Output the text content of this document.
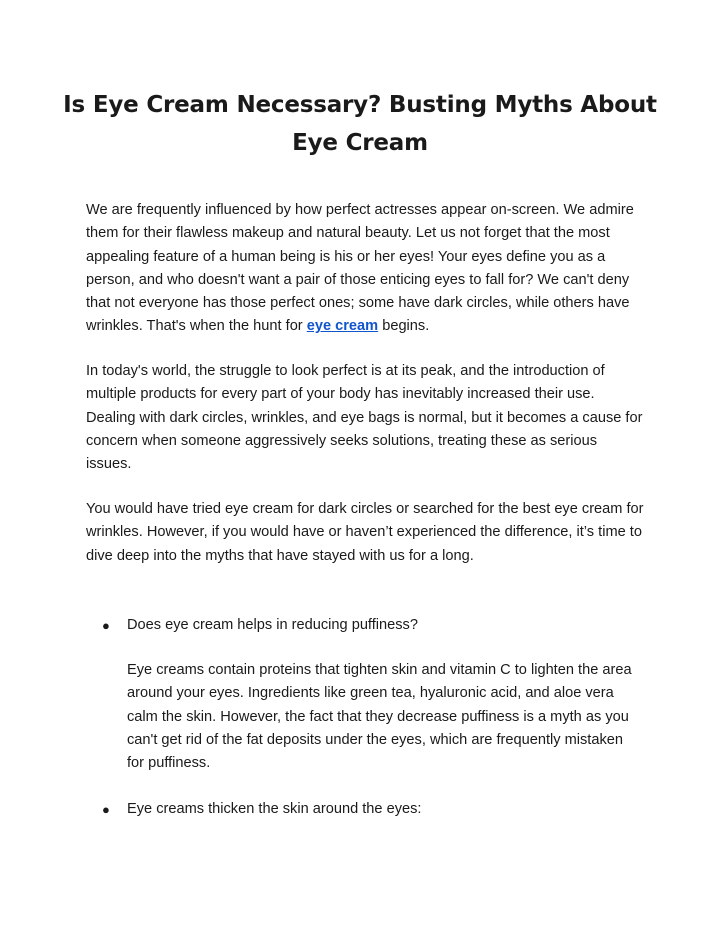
Is Eye Cream Necessary? Busting Myths About Eye Cream

We are frequently influenced by how perfect actresses appear on-screen. We admire them for their flawless makeup and natural beauty. Let us not forget that the most appealing feature of a human being is his or her eyes! Your eyes define you as a person, and who doesn't want a pair of those enticing eyes to fall for? We can't deny that not everyone has those perfect ones; some have dark circles, while others have wrinkles. That's when the hunt for eye cream begins.

In today's world, the struggle to look perfect is at its peak, and the introduction of multiple products for every part of your body has inevitably increased their use. Dealing with dark circles, wrinkles, and eye bags is normal, but it becomes a cause for concern when someone aggressively seeks solutions, treating these as serious issues.

You would have tried eye cream for dark circles or searched for the best eye cream for wrinkles. However, if you would have or haven’t experienced the difference, it’s time to dive deep into the myths that have stayed with us for a long.

●	Does eye cream helps in reducing puffiness?

Eye creams contain proteins that tighten skin and vitamin C to lighten the area around your eyes. Ingredients like green tea, hyaluronic acid, and aloe vera calm the skin. However, the fact that they decrease puffiness is a myth as you can't get rid of the fat deposits under the eyes, which are frequently mistaken for puffiness.

●	Eye creams thicken the skin around the eyes:
